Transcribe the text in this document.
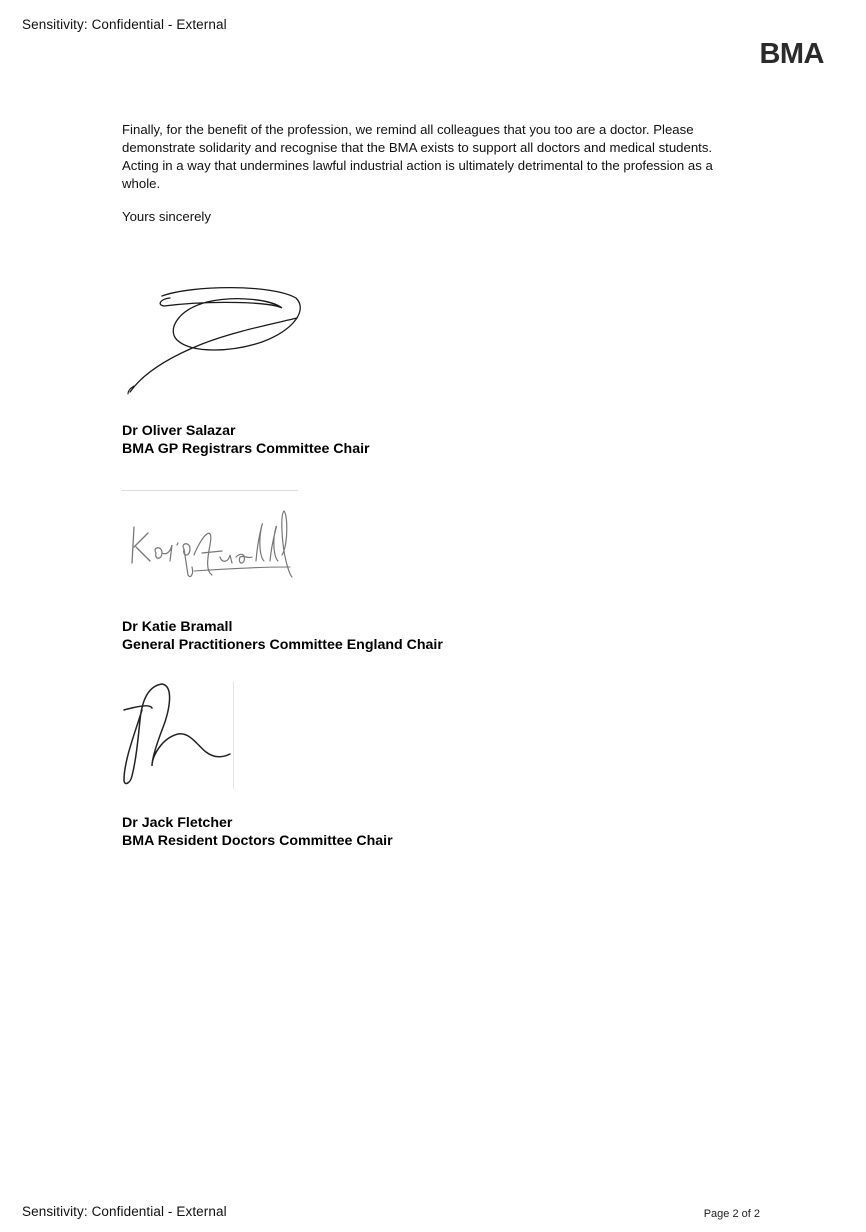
Sensitivity: Confidential - External
BMA
Finally, for the benefit of the profession, we remind all colleagues that you too are a doctor. Please demonstrate solidarity and recognise that the BMA exists to support all doctors and medical students. Acting in a way that undermines lawful industrial action is ultimately detrimental to the profession as a whole.
Yours sincerely
Dr Oliver Salazar
BMA GP Registrars Committee Chair
Dr Katie Bramall
General Practitioners Committee England Chair
Dr Jack Fletcher
BMA Resident Doctors Committee Chair
Sensitivity: Confidential - External	Page 2 of 2
